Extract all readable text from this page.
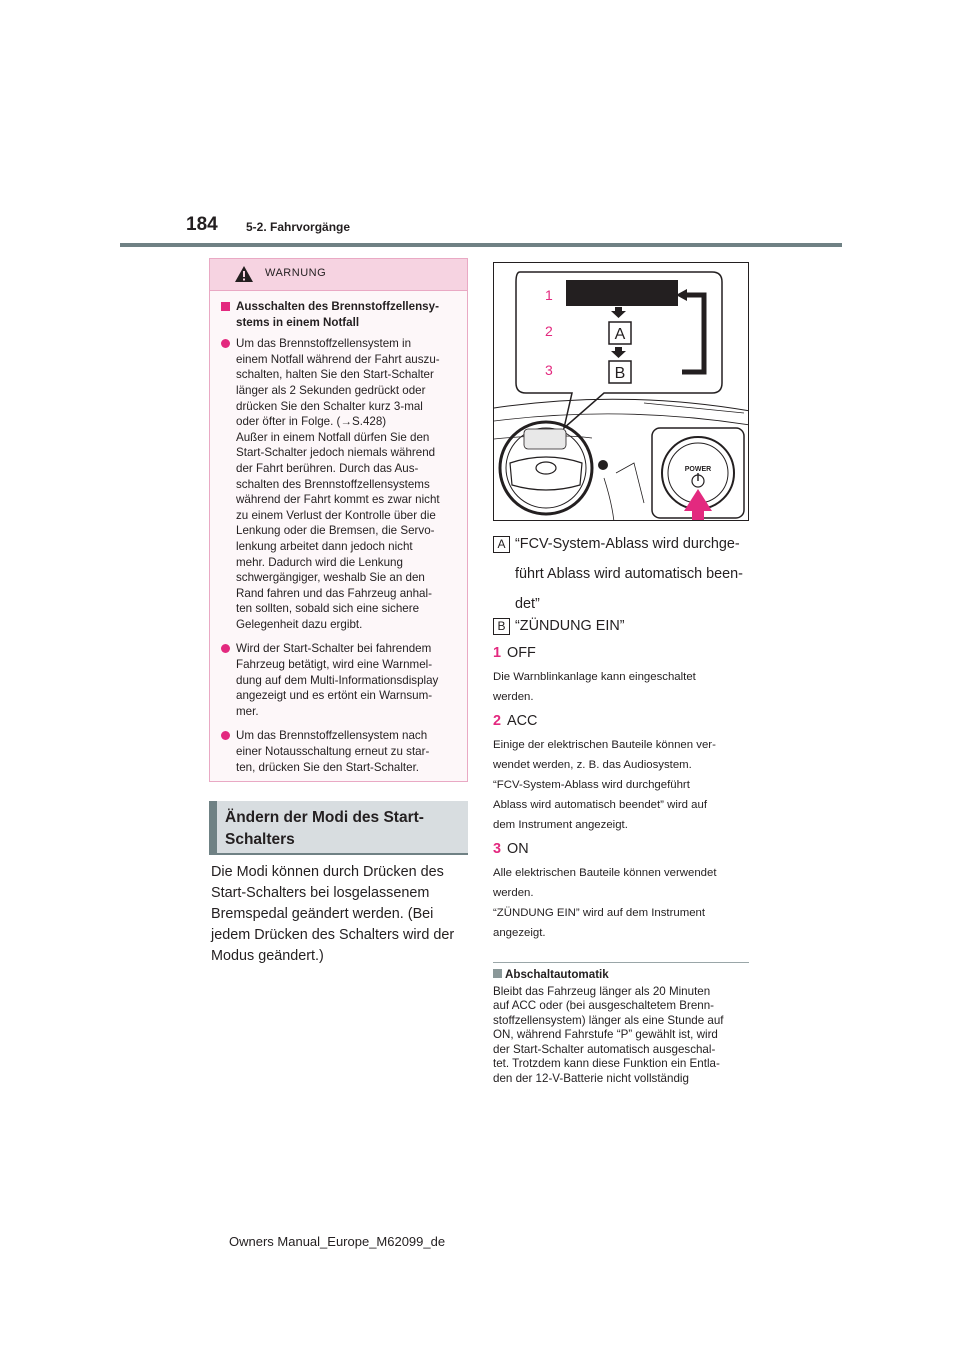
184 5-2. Fahrvorgänge
WARNUNG
Ausschalten des Brennstoffzellensy-
stems in einem Notfall
Um das Brennstoffzellensystem in
einem Notfall während der Fahrt auszu-
schalten, halten Sie den Start-Schalter
länger als 2 Sekunden gedrückt oder
drücken Sie den Schalter kurz 3-mal
oder öfter in Folge. (→S.428)
Außer in einem Notfall dürfen Sie den
Start-Schalter jedoch niemals während
der Fahrt berühren. Durch das Aus-
schalten des Brennstoffzellensystems
während der Fahrt kommt es zwar nicht
zu einem Verlust der Kontrolle über die
Lenkung oder die Bremsen, die Servo-
lenkung arbeitet dann jedoch nicht
mehr. Dadurch wird die Lenkung
schwergängiger, weshalb Sie an den
Rand fahren und das Fahrzeug anhal-
ten sollten, sobald sich eine sichere
Gelegenheit dazu ergibt.
Wird der Start-Schalter bei fahrendem
Fahrzeug betätigt, wird eine Warnmel-
dung auf dem Multi-Informationsdisplay
angezeigt und es ertönt ein Warnsum-
mer.
Um das Brennstoffzellensystem nach
einer Notausschaltung erneut zu star-
ten, drücken Sie den Start-Schalter.
Ändern der Modi des Start-
Schalters
Die Modi können durch Drücken des
Start-Schalters bei losgelassenem
Bremspedal geändert werden. (Bei
jedem Drücken des Schalters wird der
Modus geändert.)
A
B
1
2
3
POWER
A “FCV-System-Ablass wird durchge-
führt Ablass wird automatisch been-
det”
B “ZÜNDUNG EIN”
1 OFF
Die Warnblinkanlage kann eingeschaltet
werden.
2 ACC
Einige der elektrischen Bauteile können ver-
wendet werden, z. B. das Audiosystem.
“FCV-System-Ablass wird durchgeführt
Ablass wird automatisch beendet” wird auf
dem Instrument angezeigt.
3 ON
Alle elektrischen Bauteile können verwendet
werden.
“ZÜNDUNG EIN” wird auf dem Instrument
angezeigt.
Abschaltautomatik
Bleibt das Fahrzeug länger als 20 Minuten
auf ACC oder (bei ausgeschaltetem Brenn-
stoffzellensystem) länger als eine Stunde auf
ON, während Fahrstufe “P” gewählt ist, wird
der Start-Schalter automatisch ausgeschal-
tet. Trotzdem kann diese Funktion ein Entla-
den der 12-V-Batterie nicht vollständig
Owners Manual_Europe_M62099_de
